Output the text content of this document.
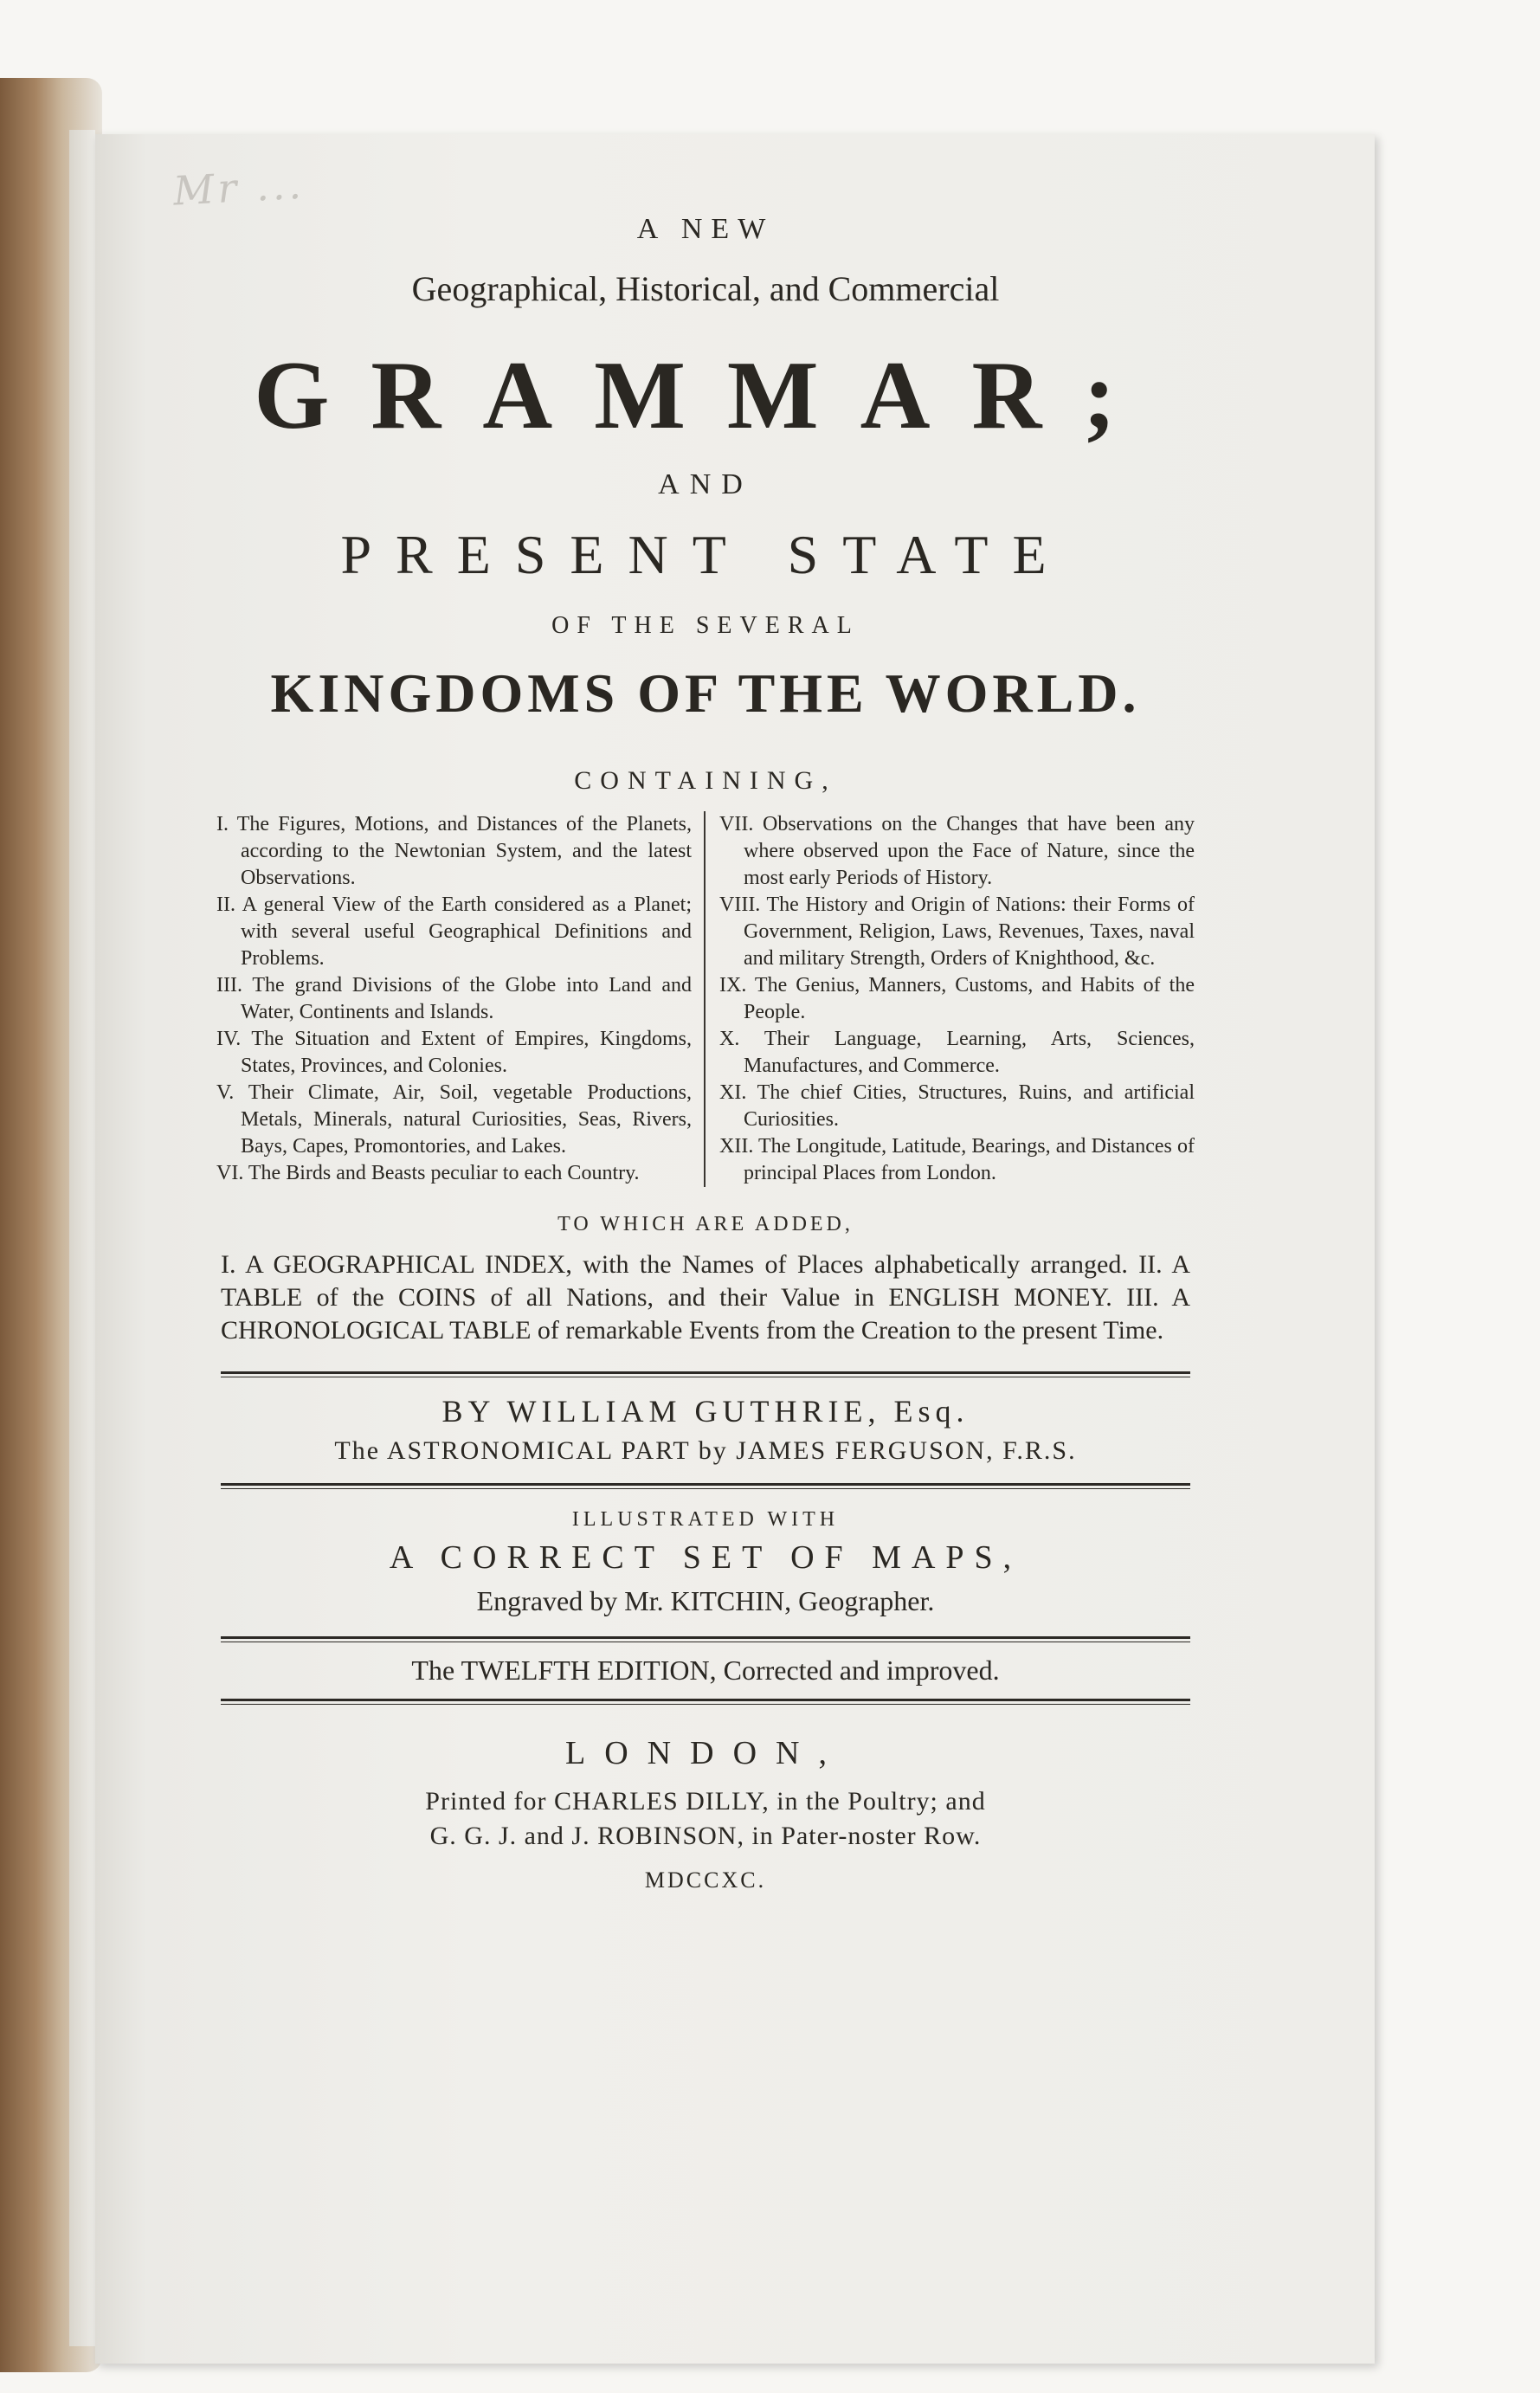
Mr ...
A NEW
Geographical, Historical, and Commercial
GRAMMAR;
AND
PRESENT STATE
OF THE SEVERAL
KINGDOMS OF THE WORLD.
CONTAINING,
I. The Figures, Motions, and Distances of the Planets, according to the Newtonian System, and the latest Observations.
II. A general View of the Earth considered as a Planet; with several useful Geographical Definitions and Problems.
III. The grand Divisions of the Globe into Land and Water, Continents and Islands.
IV. The Situation and Extent of Empires, Kingdoms, States, Provinces, and Colonies.
V. Their Climate, Air, Soil, vegetable Productions, Metals, Minerals, natural Curiosities, Seas, Rivers, Bays, Capes, Promontories, and Lakes.
VI. The Birds and Beasts peculiar to each Country.
VII. Observations on the Changes that have been any where observed upon the Face of Nature, since the most early Periods of History.
VIII. The History and Origin of Nations: their Forms of Government, Religion, Laws, Revenues, Taxes, naval and military Strength, Orders of Knighthood, &c.
IX. The Genius, Manners, Customs, and Habits of the People.
X. Their Language, Learning, Arts, Sciences, Manufactures, and Commerce.
XI. The chief Cities, Structures, Ruins, and artificial Curiosities.
XII. The Longitude, Latitude, Bearings, and Distances of principal Places from London.
TO WHICH ARE ADDED,
I. A GEOGRAPHICAL INDEX, with the Names of Places alphabetically arranged. II. A TABLE of the COINS of all Nations, and their Value in ENGLISH MONEY. III. A CHRONOLOGICAL TABLE of remarkable Events from the Creation to the present Time.
BY WILLIAM GUTHRIE, Esq.
The ASTRONOMICAL PART by JAMES FERGUSON, F.R.S.
ILLUSTRATED WITH
A CORRECT SET OF MAPS,
Engraved by Mr. KITCHIN, Geographer.
The TWELFTH EDITION, Corrected and improved.
LONDON,
Printed for CHARLES DILLY, in the Poultry; and
G. G. J. and J. ROBINSON, in Pater-noster Row.
MDCCXC.
